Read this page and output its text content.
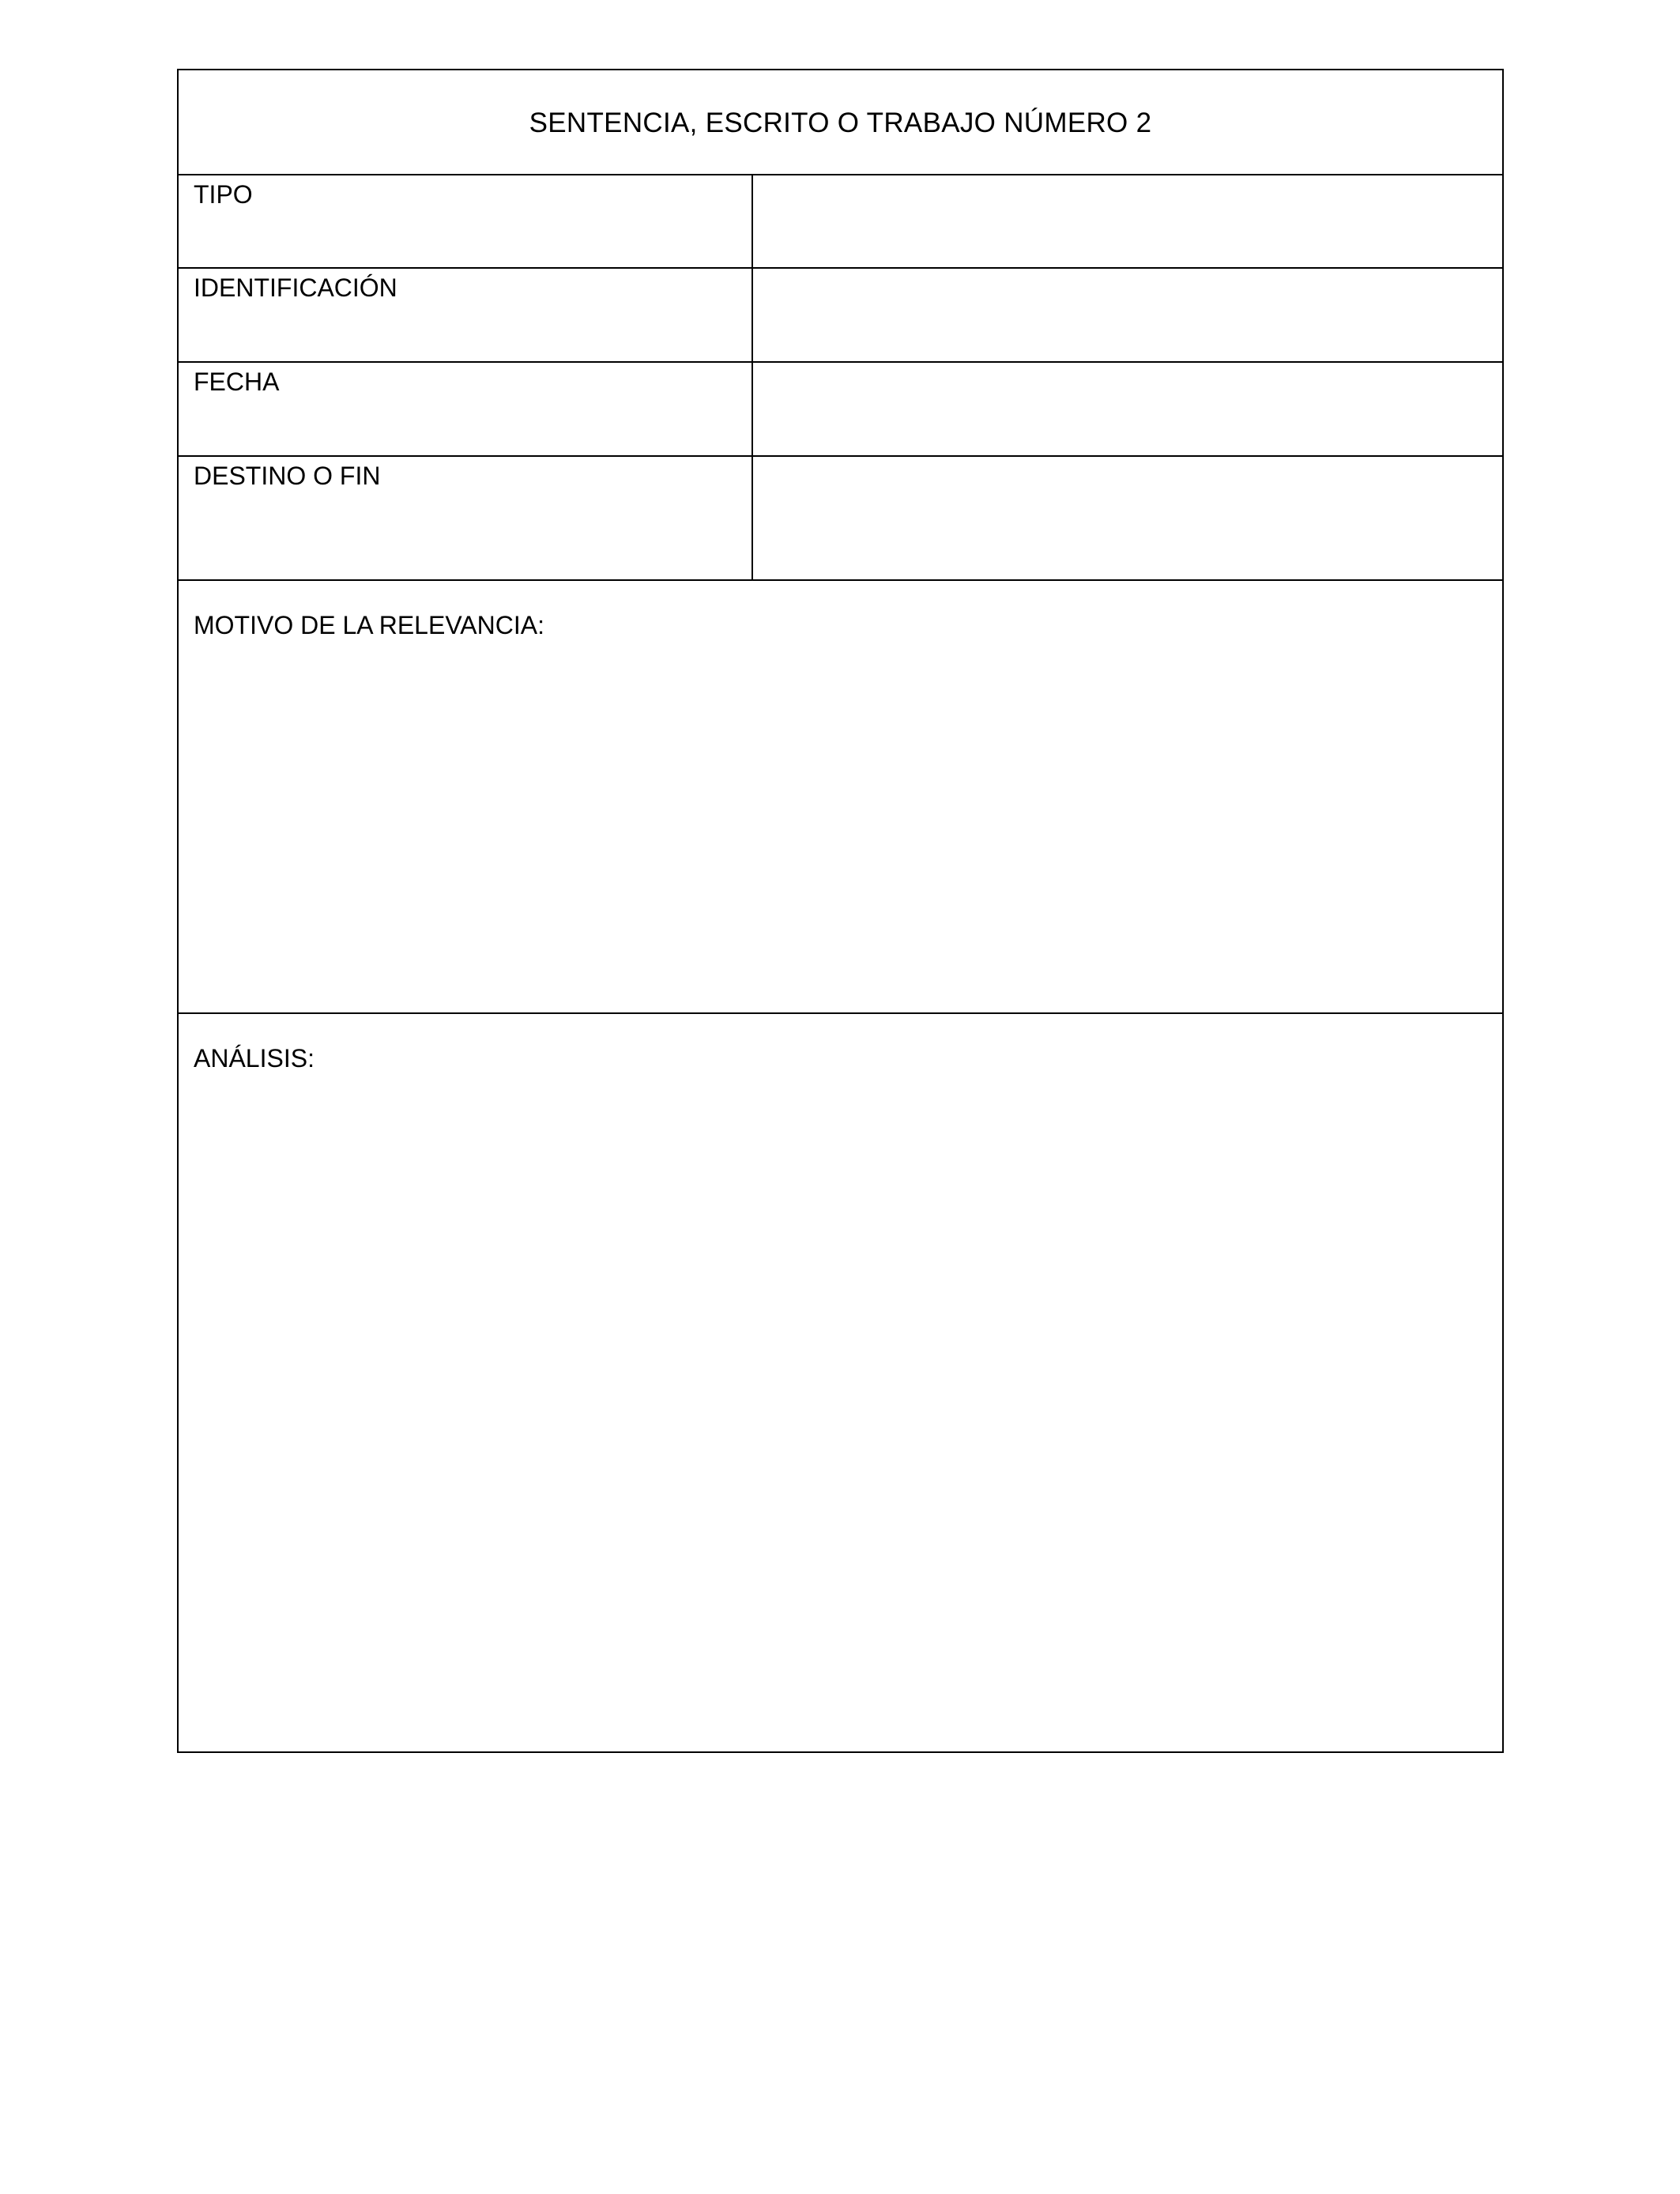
SENTENCIA, ESCRITO O TRABAJO NÚMERO 2
TIPO
IDENTIFICACIÓN
FECHA
DESTINO O FIN
MOTIVO DE LA RELEVANCIA:
ANÁLISIS:
